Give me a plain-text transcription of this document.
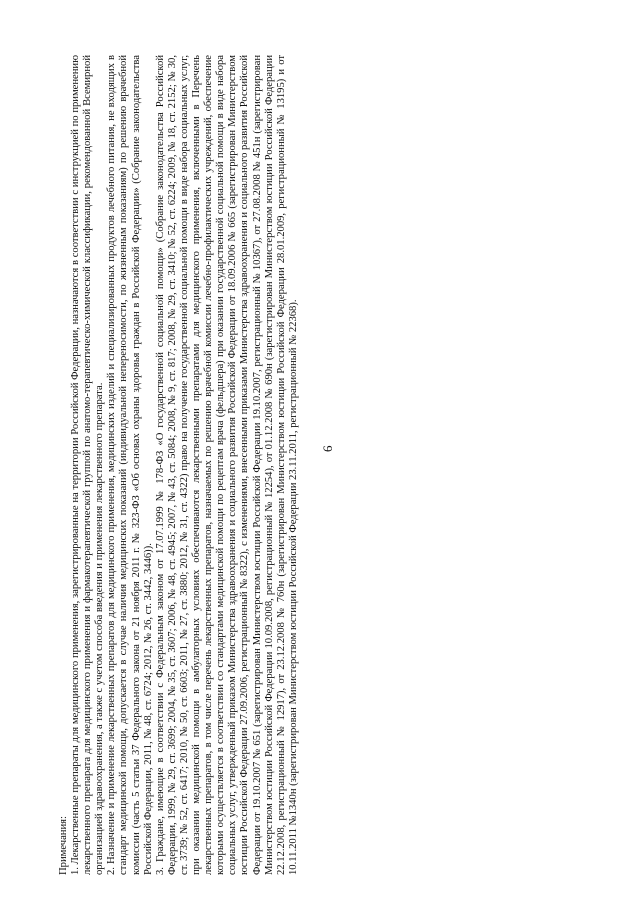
6
Примечания: 1. Лекарственные препараты для медицинского применения, зарегистрированные на территории Российской Федерации, назначаются в соответствии с инструкцией по применению лекарственного препарата для медицинского применения и фармакотерапевтической группой по анатомо-терапевтическо-химической классификации, рекомендованной Всемирной организацией здравоохранения, а также с учетом способа введения и применения лекарственного препарата. 2. Назначение и применение лекарственных препаратов для медицинского применения, медицинских изделий и специализированных продуктов лечебного питания, не входящих в стандарт медицинской помощи, допускается в случае наличия медицинских показаний (индивидуальной непереносимости, по жизненным показаниям) по решению врачебной комиссии (часть 5 статьи 37 Федерального закона от 21 ноября 2011 г. № 323-ФЗ «Об основах охраны здоровья граждан в Российской Федерации» (Собрание законодательства Российской Федерации, 2011, № 48, ст. 6724; 2012, № 26, ст. 3442, 3446)). 3. Граждане, имеющие в соответствии с Федеральным законом от 17.07.1999 № 178-ФЗ «О государственной социальной помощи» (Собрание законодательства Российской Федерации, 1999, № 29, ст. 3699; 2004, № 35, ст. 3607; 2006, № 48, ст. 4945; 2007, № 43, ст. 5084; 2008, № 9, ст. 817; 2008, № 29, ст. 3410; № 52, ст. 6224; 2009, № 18, ст. 2152; № 30, ст. 3739; № 52, ст. 6417; 2010, № 50, ст. 6603; 2011, № 27, ст. 3880; 2012, № 31, ст. 4322) право на получение государственной социальной помощи в виде набора социальных услуг, при оказании медицинской помощи в амбулаторных условиях обеспечиваются лекарственными препаратами для медицинского применения, включенными в Перечень лекарственных препаратов, в том числе перечень лекарственных препаратов, назначаемых по решению врачебной комиссии лечебно-профилактических учреждений, обеспечение которыми осуществляется в соответствии со стандартами медицинской помощи по рецептам врача (фельдшера) при оказании государственной социальной помощи в виде набора социальных услуг, утвержденный приказом Министерства здравоохранения и социального развития Российской Федерации от 18.09.2006 № 665 (зарегистрирован Министерством юстиции Российской Федерации 27.09.2006, регистрационный № 8322), с изменениями, внесенными приказами Министерства здравоохранения и социального развития Российской Федерации от 19.10.2007 № 651 (зарегистрирован Министерством юстиции Российской Федерации 19.10.2007, регистрационный № 10367), от 27.08.2008 № 451н (зарегистрирован Министерством юстиции Российской Федерации 10.09.2008, регистрационный № 12254), от 01.12.2008 № 690н (зарегистрирован Министерством юстиции Российской Федерации 22.12.2008, регистрационный № 12917), от 23.12.2008 № 760н (зарегистрирован Министерством юстиции Российской Федерации 28.01.2009, регистрационный № 13195) и от 10.11.2011 №1340н (зарегистрирован Министерством юстиции Российской Федерации 23.11.2011, регистрационный № 22368).
